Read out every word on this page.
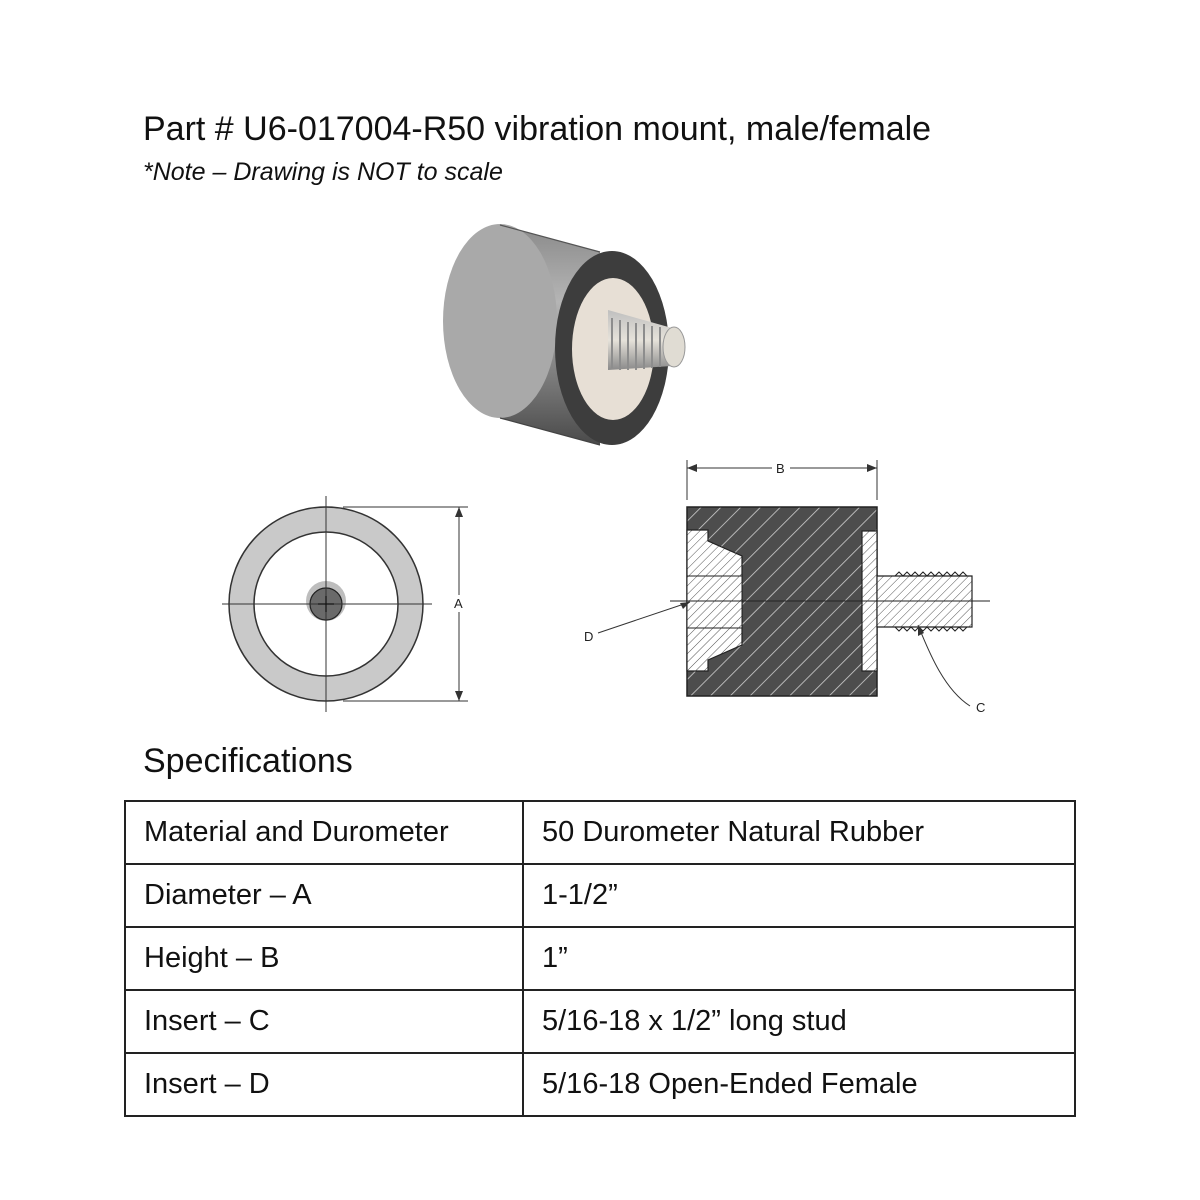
Part # U6-017004-R50 vibration mount, male/female
*Note – Drawing is NOT to scale
A
B
D
C
Specifications
Material and Durometer	50 Durometer Natural Rubber
Diameter – A	1-1/2”
Height – B	1”
Insert – C	5/16-18 x 1/2” long stud
Insert – D	5/16-18 Open-Ended Female
